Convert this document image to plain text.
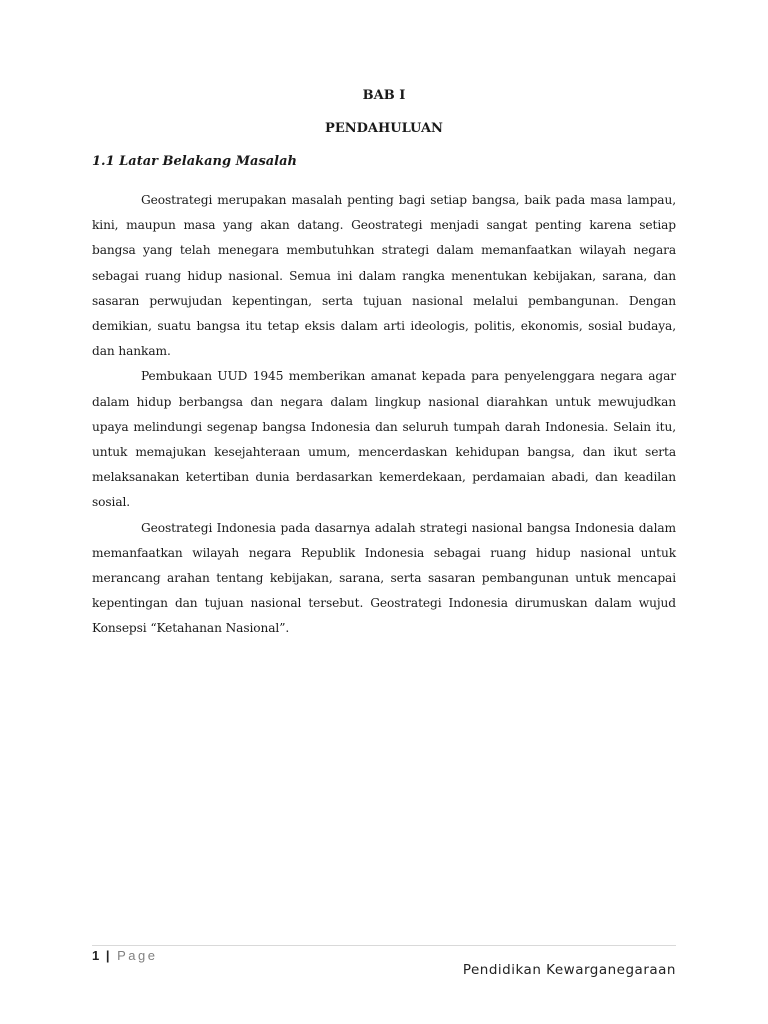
BAB I
PENDAHULUAN
1.1 Latar Belakang Masalah

Geostrategi merupakan masalah penting bagi setiap bangsa, baik pada masa lampau, kini, maupun masa yang akan datang. Geostrategi menjadi sangat penting karena setiap bangsa yang telah menegara membutuhkan strategi dalam memanfaatkan wilayah negara sebagai ruang hidup nasional. Semua ini dalam rangka menentukan kebijakan, sarana, dan sasaran perwujudan kepentingan, serta tujuan nasional melalui pembangunan. Dengan demikian, suatu bangsa itu tetap eksis dalam arti ideologis, politis, ekonomis, sosial budaya, dan hankam.

Pembukaan UUD 1945 memberikan amanat kepada para penyelenggara negara agar dalam hidup berbangsa dan negara dalam lingkup nasional diarahkan untuk mewujudkan upaya melindungi segenap bangsa Indonesia dan seluruh tumpah darah Indonesia. Selain itu, untuk memajukan kesejahteraan umum, mencerdaskan kehidupan bangsa, dan ikut serta melaksanakan ketertiban dunia berdasarkan kemerdekaan, perdamaian abadi, dan keadilan sosial.

Geostrategi Indonesia pada dasarnya adalah strategi nasional bangsa Indonesia dalam memanfaatkan wilayah negara Republik Indonesia sebagai ruang hidup nasional untuk merancang arahan tentang kebijakan, sarana, serta sasaran pembangunan untuk mencapai kepentingan dan tujuan nasional tersebut. Geostrategi Indonesia dirumuskan dalam wujud Konsepsi “Ketahanan Nasional”.

1 | Page
Pendidikan Kewarganegaraan
